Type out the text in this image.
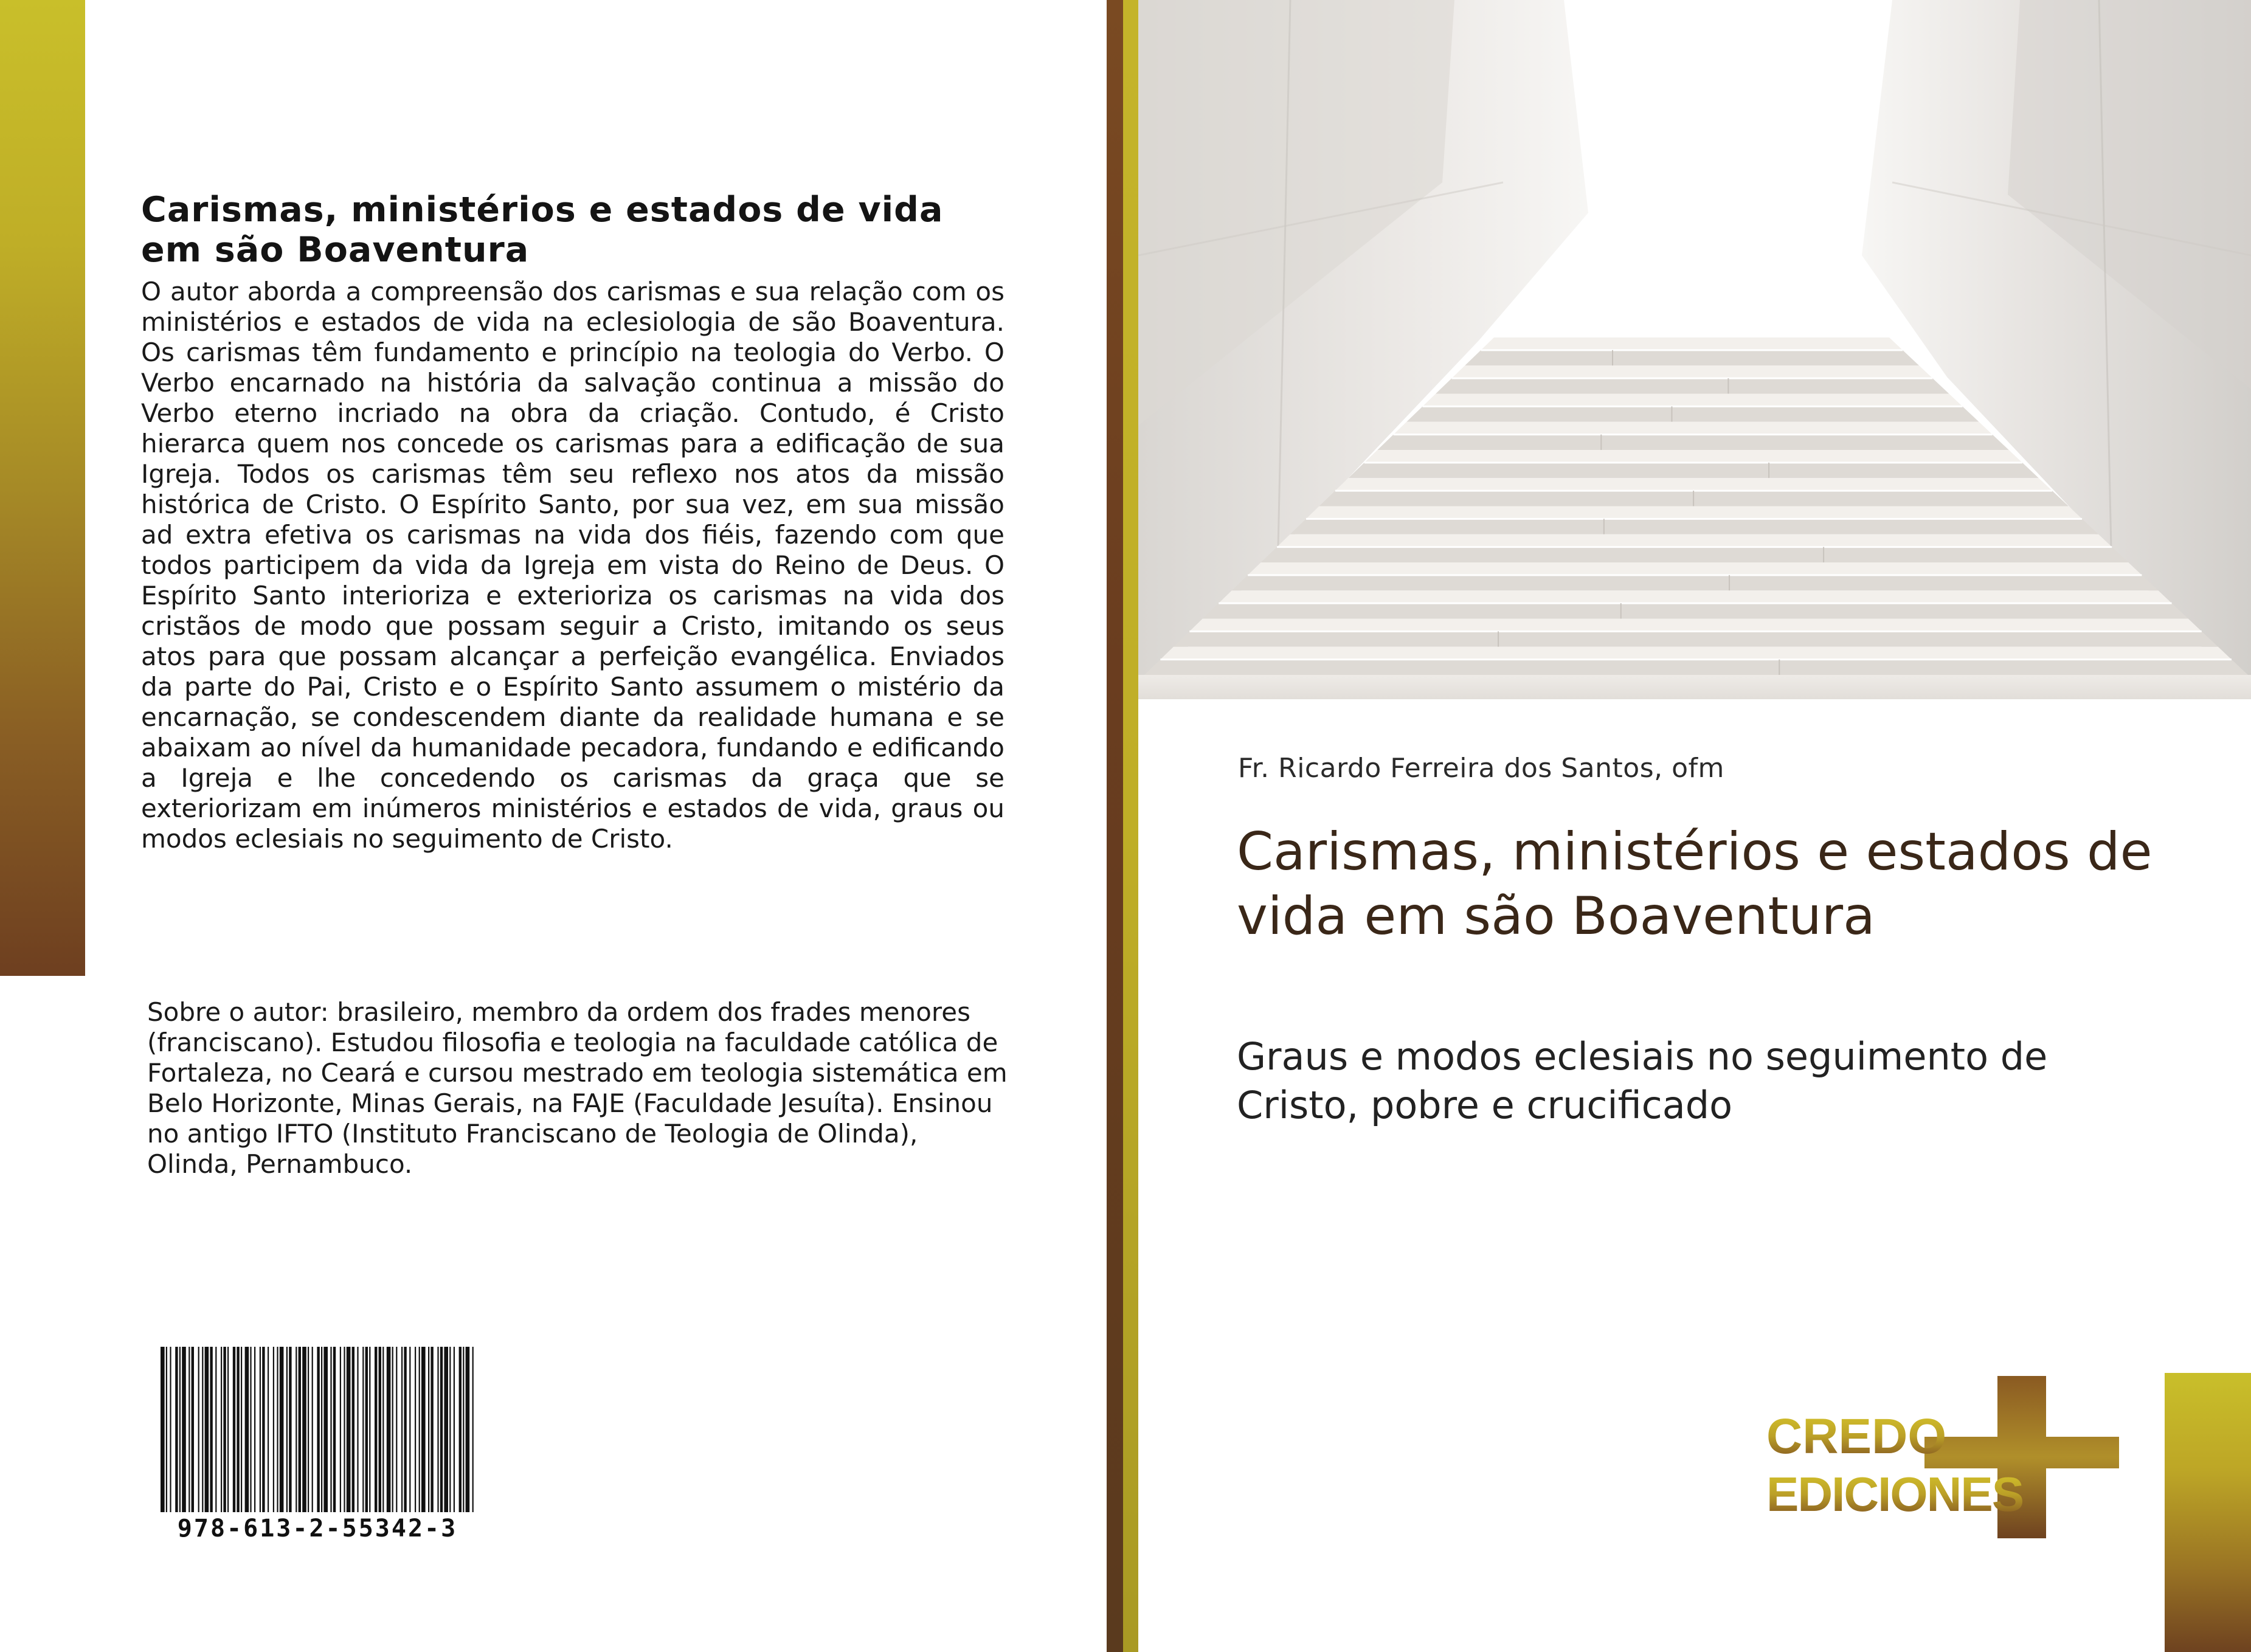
Carismas, ministérios e estados de vida em são Boaventura
O autor aborda a compreensão dos carismas e sua relação com os ministérios e estados de vida na eclesiologia de são Boaventura. Os carismas têm fundamento e princípio na teologia do Verbo. O Verbo encarnado na história da salvação continua a missão do Verbo eterno incriado na obra da criação. Contudo, é Cristo hierarca quem nos concede os carismas para a edificação de sua Igreja. Todos os carismas têm seu reflexo nos atos da missão histórica de Cristo. O Espírito Santo, por sua vez, em sua missão ad extra efetiva os carismas na vida dos fiéis, fazendo com que todos participem da vida da Igreja em vista do Reino de Deus. O Espírito Santo interioriza e exterioriza os carismas na vida dos cristãos de modo que possam seguir a Cristo, imitando os seus atos para que possam alcançar a perfeição evangélica. Enviados da parte do Pai, Cristo e o Espírito Santo assumem o mistério da encarnação, se condescendem diante da realidade humana e se abaixam ao nível da humanidade pecadora, fundando e edificando a Igreja e lhe concedendo os carismas da graça que se exteriorizam em inúmeros ministérios e estados de vida, graus ou modos eclesiais no seguimento de Cristo.
Sobre o autor: brasileiro, membro da ordem dos frades menores (franciscano). Estudou filosofia e teologia na faculdade católica de Fortaleza, no Ceará e cursou mestrado em teologia sistemática em Belo Horizonte, Minas Gerais, na FAJE (Faculdade Jesuíta). Ensinou no antigo IFTO (Instituto Franciscano de Teologia de Olinda), Olinda, Pernambuco.
978-613-2-55342-3
Fr. Ricardo Ferreira dos Santos, ofm
Carismas, ministérios e estados de vida em são Boaventura
Graus e modos eclesiais no seguimento de Cristo, pobre e crucificado
CREDO
EDICIONES
